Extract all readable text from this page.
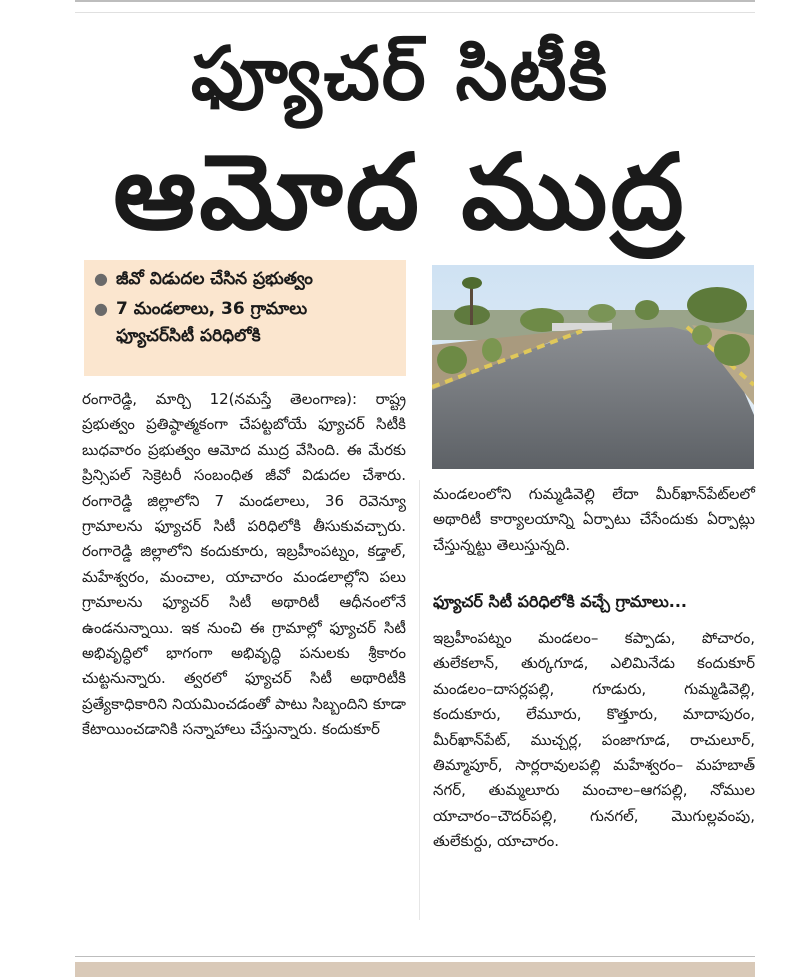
ఫ్యూచర్ సిటీకి
ఆమోద ముద్ర
● జీవో విడుదల చేసిన ప్రభుత్వం
● 7 మండలాలు, 36 గ్రామాలు
ఫ్యూచర్‌సిటీ పరిధిలోకి

రంగారెడ్డి, మార్చి 12(నమస్తే తెలంగాణ): రాష్ట్ర ప్రభుత్వం ప్రతిష్ఠాత్మకంగా చేపట్టబోయే ఫ్యూచర్ సిటీకి బుధవారం ప్రభుత్వం ఆమోద ముద్ర వేసింది. ఈ మేరకు ప్రిన్సిపల్ సెక్రెటరీ సంబంధిత జీవో విడుదల చేశారు. రంగారెడ్డి జిల్లాలోని 7 మండలాలు, 36 రెవెన్యూ గ్రామాలను ఫ్యూచర్ సిటీ పరిధిలోకి తీసుకువచ్చారు. రంగారెడ్డి జిల్లాలోని కందుకూరు, ఇబ్రహీంపట్నం, కడ్తాల్, మహేశ్వరం, మంచాల, యాచారం మండలాల్లోని పలు గ్రామాలను ఫ్యూచర్ సిటీ అథారిటీ ఆధీనంలోనే ఉండనున్నాయి. ఇక నుంచి ఈ గ్రామాల్లో ఫ్యూచర్ సిటీ అభివృద్ధిలో భాగంగా అభివృద్ధి పనులకు శ్రీకారం చుట్టనున్నారు. త్వరలో ఫ్యూచర్ సిటీ అథారిటీకి ప్రత్యేకాధికారిని నియమించడంతో పాటు సిబ్బందిని కూడా కేటాయించడానికి సన్నాహాలు చేస్తున్నారు. కందుకూర్

మండలంలోని గుమ్మడివెల్లి లేదా మీర్‌ఖాన్‌పేట్‌లలో అథారిటీ కార్యాలయాన్ని ఏర్పాటు చేసేందుకు ఏర్పాట్లు చేస్తున్నట్టు తెలుస్తున్నది.

ఫ్యూచర్ సిటీ పరిధిలోకి వచ్చే గ్రామాలు...

ఇబ్రహీంపట్నం మండలం– కప్పాడు, పోచారం, తులేకలాన్, తుర్కగూడ, ఎలిమినేడు కందుకూర్ మండలం–దాసర్లపల్లి, గూడురు, గుమ్మడివెల్లి, కందుకూరు, లేమూరు, కొత్తూరు, మాదాపురం, మీర్‌ఖాన్‌పేట్, ముచ్చర్ల, పంజాగూడ, రాచులూర్, తిమ్మాపూర్, సార్లరావులపల్లి మహేశ్వరం– మహబాత్ నగర్, తుమ్మలూరు మంచాల–ఆగపల్లి, నోముల యాచారం–చౌదర్‌పల్లి, గునగల్, మొగుల్లవంపు, తులేకుర్దు, యాచారం.
